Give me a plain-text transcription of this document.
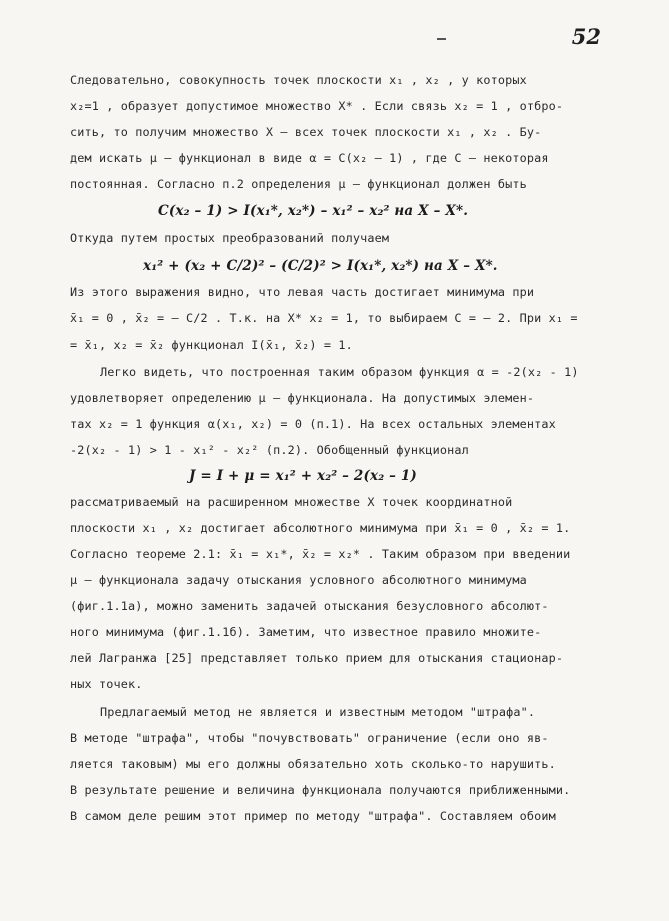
52
Следовательно, совокупность точек плоскости x₁ , x₂ , у которых
x₂=1 , образует допустимое множество X* . Если связь x₂ = 1 , отбро-
сить, то получим множество X – всех точек плоскости x₁ , x₂ . Бу-
дем искать μ – функционал в виде α = C(x₂ – 1) , где C – некоторая
постоянная. Согласно п.2 определения μ – функционал должен быть
C(x₂ – 1) > I(x₁*, x₂*) – x₁² – x₂² на X – X*.
Откуда путем простых преобразований получаем
x₁² + (x₂ + C/2)² – (C/2)² > I(x₁*, x₂*) на X – X*.
Из этого выражения видно, что левая часть достигает минимума при
x̄₁ = 0 , x̄₂ = – C/2 . Т.к. на X* x₂ = 1, то выбираем C = – 2. При x₁ =
= x̄₁, x₂ = x̄₂ функционал I(x̄₁, x̄₂) = 1.
Легко видеть, что построенная таким образом функция α = -2(x₂ - 1)
удовлетворяет определению μ – функционала. На допустимых элемен-
тах x₂ = 1 функция α(x₁, x₂) = 0 (п.1). На всех остальных элементах
-2(x₂ - 1) > 1 - x₁² - x₂² (п.2). Обобщенный функционал
J = I + μ = x₁² + x₂² – 2(x₂ – 1)
рассматриваемый на расширенном множестве X точек координатной
плоскости x₁ , x₂ достигает абсолютного минимума при x̄₁ = 0 , x̄₂ = 1.
Согласно теореме 2.1: x̄₁ = x₁*, x̄₂ = x₂* . Таким образом при введении
μ – функционала задачу отыскания условного абсолютного минимума
(фиг.1.1а), можно заменить задачей отыскания безусловного абсолют-
ного минимума (фиг.1.1б). Заметим, что известное правило множите-
лей Лагранжа [25] представляет только прием для отыскания стационар-
ных точек.
Предлагаемый метод не является и известным методом "штрафа".
В методе "штрафа", чтобы "почувствовать" ограничение (если оно яв-
ляется таковым) мы его должны обязательно хоть сколько-то нарушить.
В результате решение и величина функционала получаются приближенными.
В самом деле решим этот пример по методу "штрафа". Составляем обоим
